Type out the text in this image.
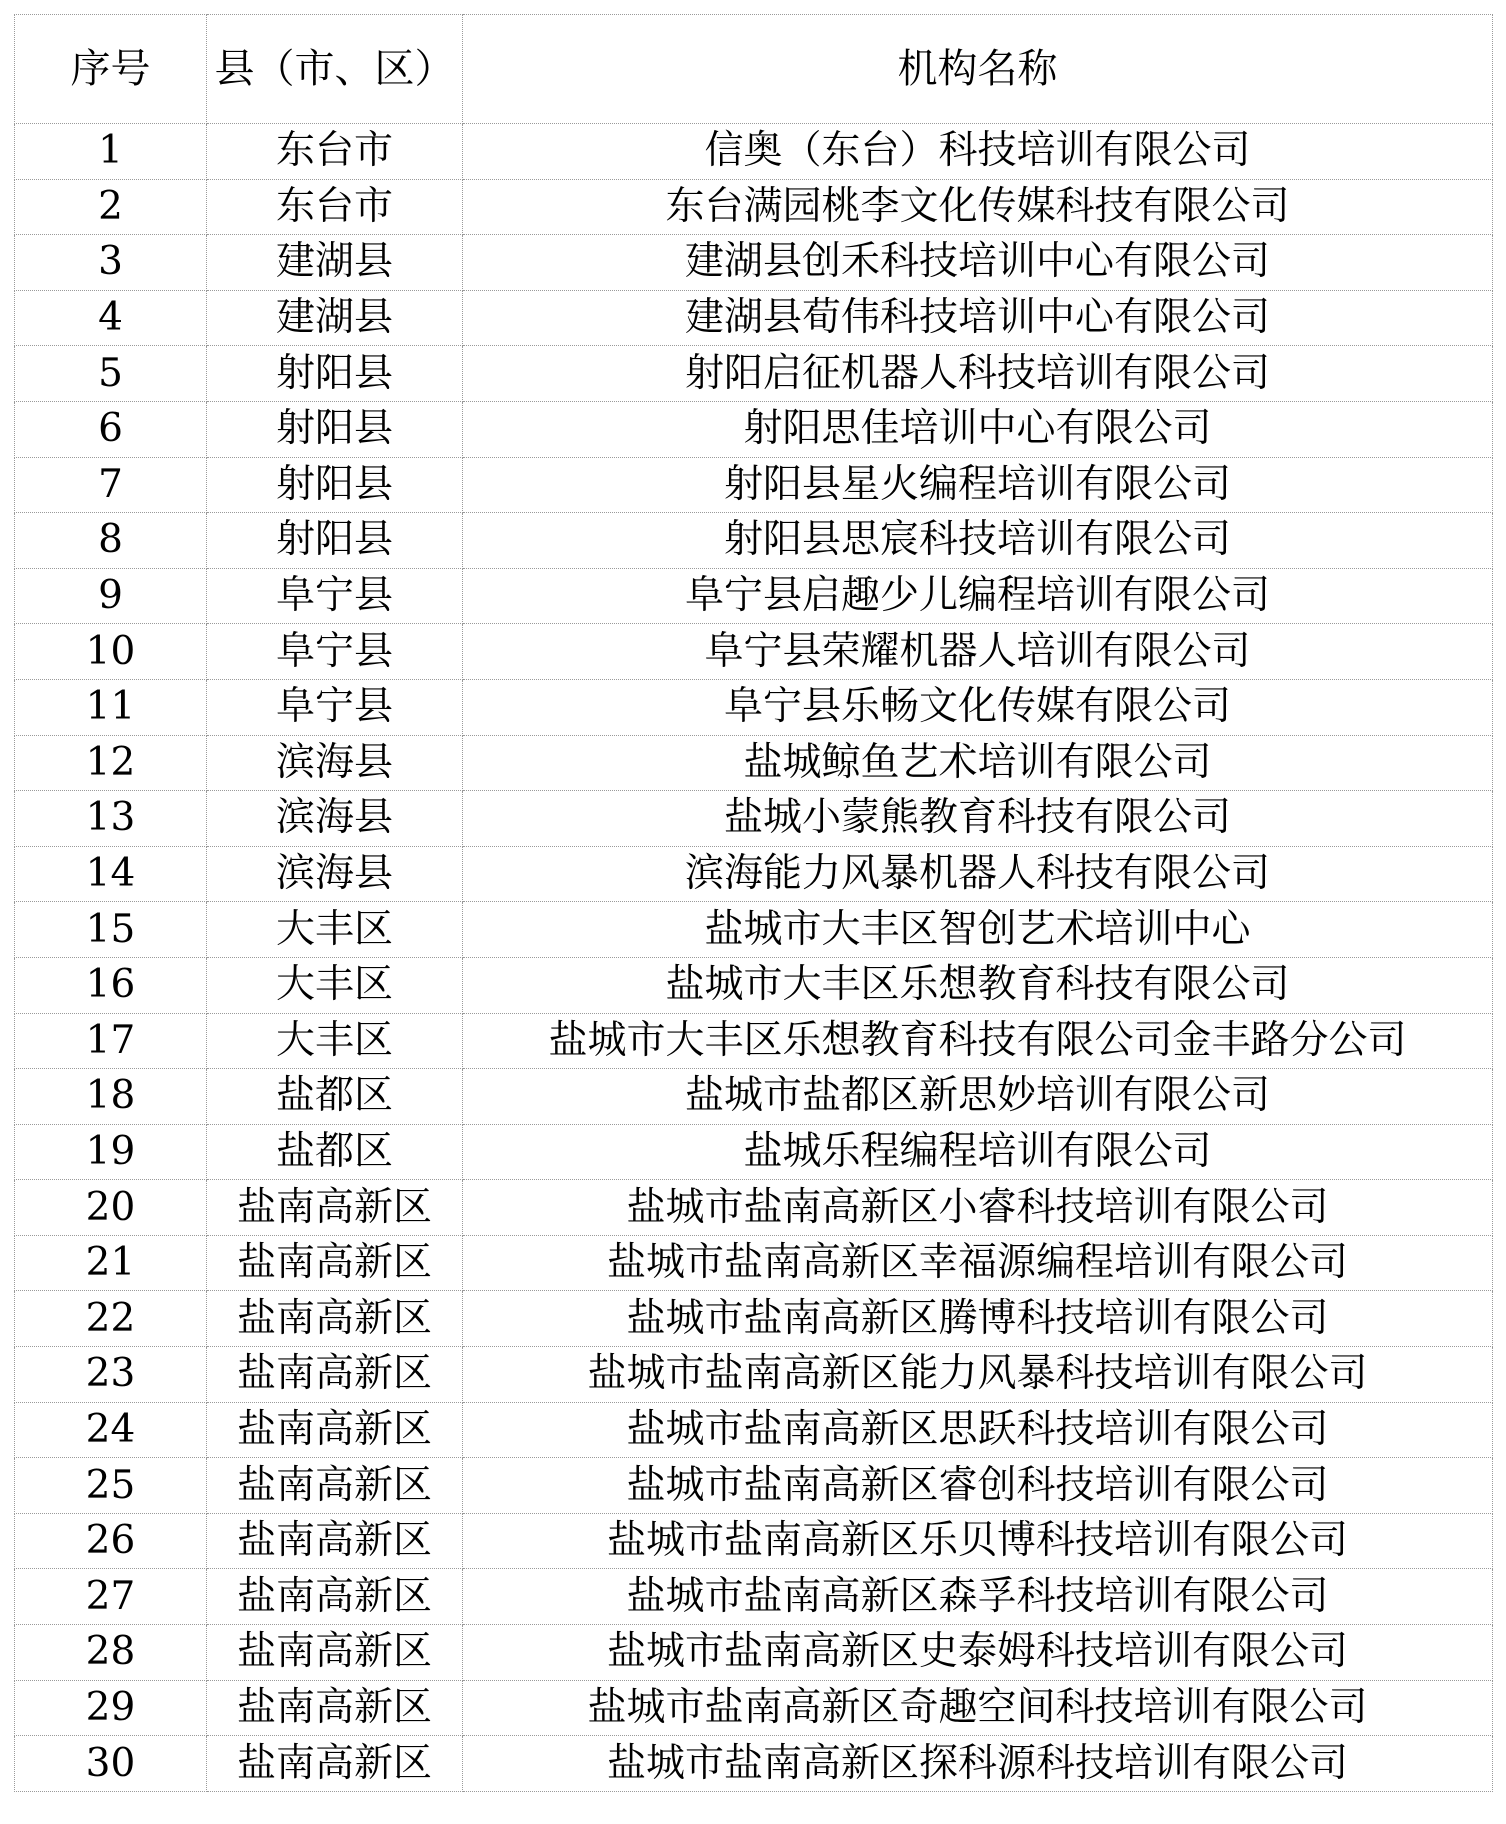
序号	县（市、区）	机构名称
1	东台市	信奥（东台）科技培训有限公司
2	东台市	东台满园桃李文化传媒科技有限公司
3	建湖县	建湖县创禾科技培训中心有限公司
4	建湖县	建湖县荀伟科技培训中心有限公司
5	射阳县	射阳启征机器人科技培训有限公司
6	射阳县	射阳思佳培训中心有限公司
7	射阳县	射阳县星火编程培训有限公司
8	射阳县	射阳县思宸科技培训有限公司
9	阜宁县	阜宁县启趣少儿编程培训有限公司
10	阜宁县	阜宁县荣耀机器人培训有限公司
11	阜宁县	阜宁县乐畅文化传媒有限公司
12	滨海县	盐城鲸鱼艺术培训有限公司
13	滨海县	盐城小蒙熊教育科技有限公司
14	滨海县	滨海能力风暴机器人科技有限公司
15	大丰区	盐城市大丰区智创艺术培训中心
16	大丰区	盐城市大丰区乐想教育科技有限公司
17	大丰区	盐城市大丰区乐想教育科技有限公司金丰路分公司
18	盐都区	盐城市盐都区新思妙培训有限公司
19	盐都区	盐城乐程编程培训有限公司
20	盐南高新区	盐城市盐南高新区小睿科技培训有限公司
21	盐南高新区	盐城市盐南高新区幸福源编程培训有限公司
22	盐南高新区	盐城市盐南高新区腾博科技培训有限公司
23	盐南高新区	盐城市盐南高新区能力风暴科技培训有限公司
24	盐南高新区	盐城市盐南高新区思跃科技培训有限公司
25	盐南高新区	盐城市盐南高新区睿创科技培训有限公司
26	盐南高新区	盐城市盐南高新区乐贝博科技培训有限公司
27	盐南高新区	盐城市盐南高新区森孚科技培训有限公司
28	盐南高新区	盐城市盐南高新区史泰姆科技培训有限公司
29	盐南高新区	盐城市盐南高新区奇趣空间科技培训有限公司
30	盐南高新区	盐城市盐南高新区探科源科技培训有限公司
